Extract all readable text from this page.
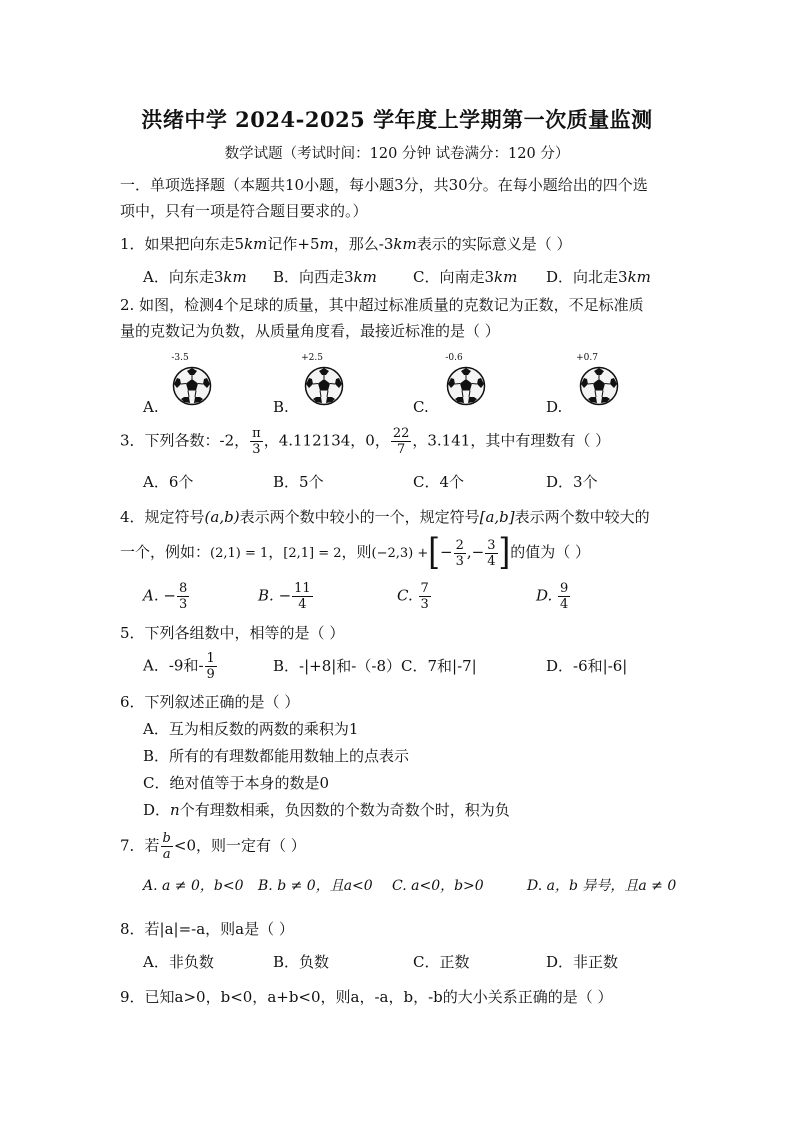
洪绪中学 2024-2025 学年度上学期第一次质量监测
数学试题（考试时间：120 分钟 试卷满分：120 分）
一．单项选择题（本题共10小题，每小题3分，共30分。在每小题给出的四个选
项中，只有一项是符合题目要求的。）
1．如果把向东走5km记作+5m，那么-3km表示的实际意义是（ ）
A．向东走3km B．向西走3km C．向南走3km D．向北走3km
2. 如图，检测4个足球的质量，其中超过标准质量的克数记为正数，不足标准质
量的克数记为负数，从质量角度看，最接近标准的是（ ）
A.
-3.5
B.
+2.5
C.
-0.6
D.
+0.7
3．下列各数：-2， $\frac{\pi}{3}$ ，4.112134，0， $\frac{22}{7}$ ，3.141，其中有理数有（ ）
A．6个	B．5个	C．4个	D．3个
4．规定符号(a,b)表示两个数中较小的一个，规定符号[a,b]表示两个数中较大的
一个，例如：(2,1) = 1，[2,1] = 2，则(−2,3) +[− $\frac{2}{3}$ ,− $\frac{3}{4}$ ]的值为（ ）
A. − $\frac{8}{3}$	B. − $\frac{11}{4}$	C. $\frac{7}{3}$	D. $\frac{9}{4}$
5．下列各组数中，相等的是（ ）
A．-9和- $\frac{1}{9}$	B．-|+8|和-（-8）C．7和|-7|	D．-6和|-6|
6．下列叙述正确的是（ ）
A．互为相反数的两数的乘积为1
B．所有的有理数都能用数轴上的点表示
C．绝对值等于本身的数是0
D．n个有理数相乘，负因数的个数为奇数个时，积为负
7．若 $\frac{b}{a} <0$，则一定有（ ）
A. a ≠ 0，b<0 B. b ≠ 0，且a<0 C. a<0，b>0	D. a，b 异号，且a ≠ 0
8．若|a|=-a，则a是（ ）
A．非负数	B．负数	C．正数	D．非正数
9．已知a>0，b<0，a+b<0，则a，-a，b，-b的大小关系正确的是（ ）
